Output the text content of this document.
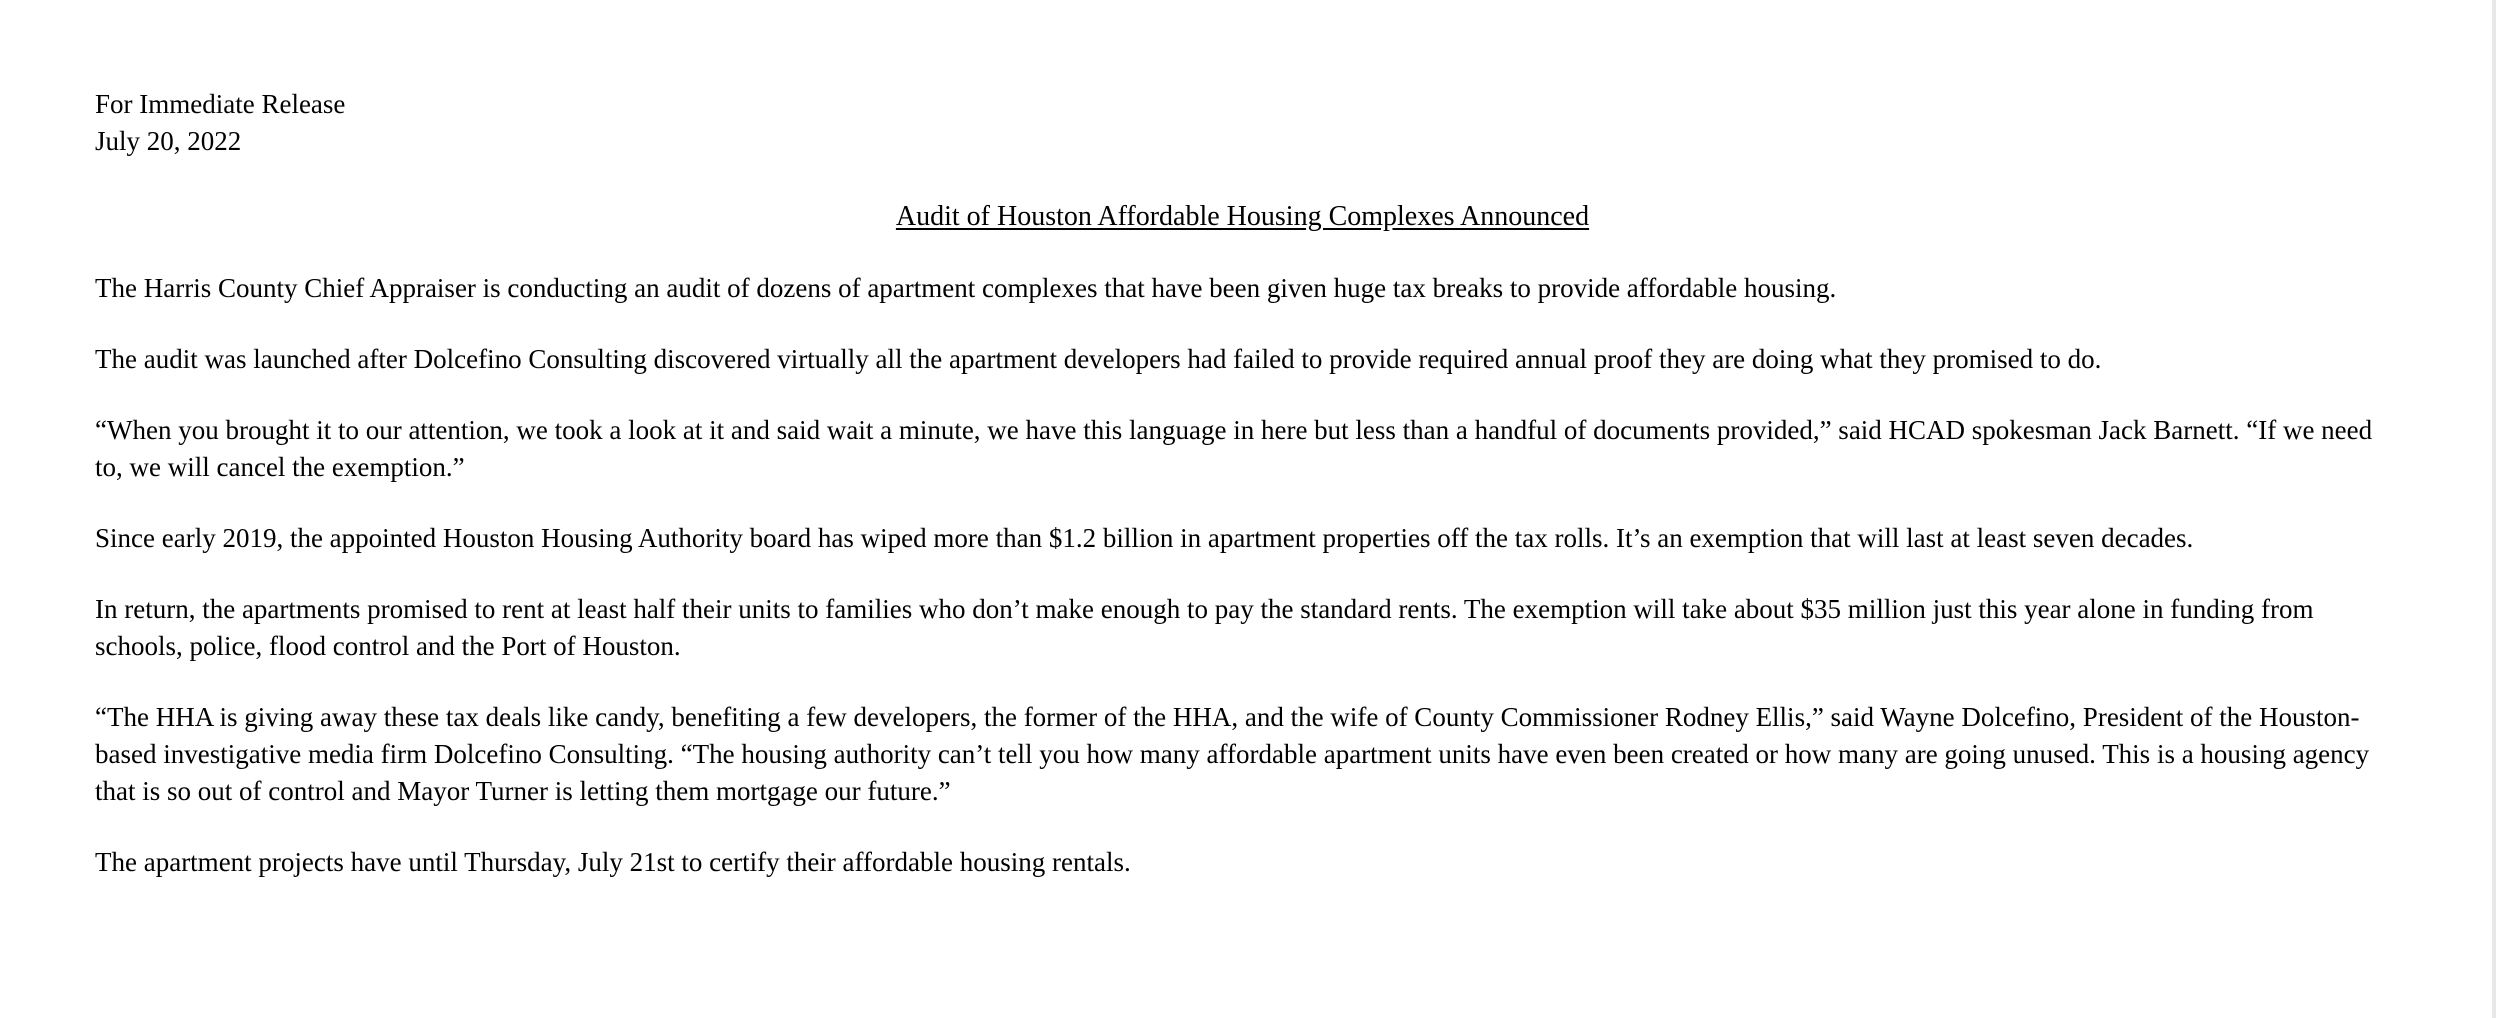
For Immediate Release
July 20, 2022
Audit of Houston Affordable Housing Complexes Announced

The Harris County Chief Appraiser is conducting an audit of dozens of apartment complexes that have been given huge tax breaks to provide affordable housing.

The audit was launched after Dolcefino Consulting discovered virtually all the apartment developers had failed to provide required annual proof they are doing what they promised to do.

“When you brought it to our attention, we took a look at it and said wait a minute, we have this language in here but less than a handful of documents provided,” said HCAD spokesman Jack Barnett. “If we need to, we will cancel the exemption.”

Since early 2019, the appointed Houston Housing Authority board has wiped more than $1.2 billion in apartment properties off the tax rolls. It’s an exemption that will last at least seven decades.

In return, the apartments promised to rent at least half their units to families who don’t make enough to pay the standard rents. The exemption will take about $35 million just this year alone in funding from schools, police, flood control and the Port of Houston.

“The HHA is giving away these tax deals like candy, benefiting a few developers, the former of the HHA, and the wife of County Commissioner Rodney Ellis,” said Wayne Dolcefino, President of the Houston-based investigative media firm Dolcefino Consulting. “The housing authority can’t tell you how many affordable apartment units have even been created or how many are going unused. This is a housing agency that is so out of control and Mayor Turner is letting them mortgage our future.”

The apartment projects have until Thursday, July 21st to certify their affordable housing rentals.
